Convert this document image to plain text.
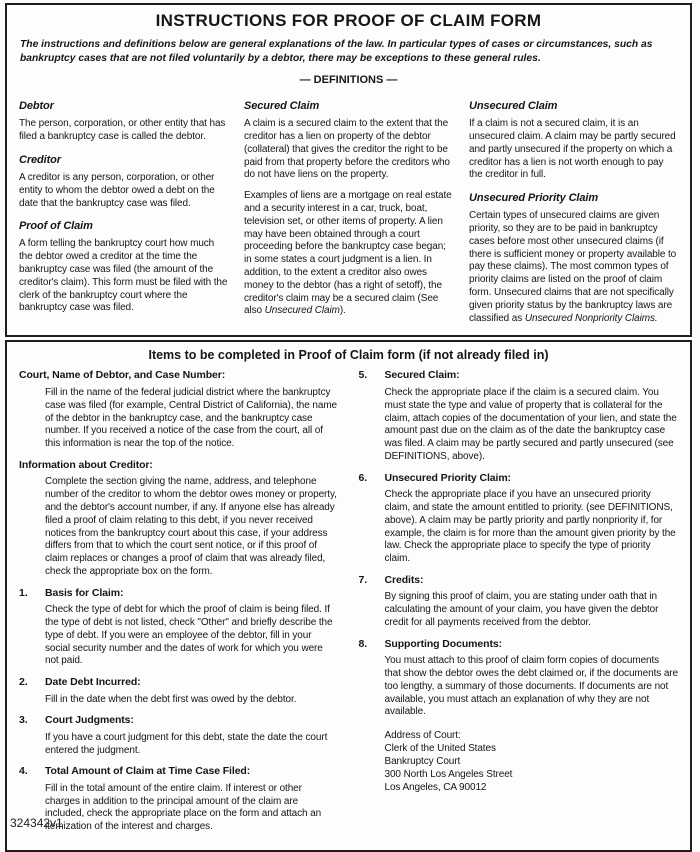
INSTRUCTIONS FOR PROOF OF CLAIM FORM

The instructions and definitions below are general explanations of the law. In particular types of cases or circumstances, such as bankruptcy cases that are not filed voluntarily by a debtor, there may be exceptions to these general rules.

— DEFINITIONS —
Debtor

The person, corporation, or other entity that has filed a bankruptcy case is called the debtor.

Creditor

A creditor is any person, corporation, or other entity to whom the debtor owed a debt on the date that the bankruptcy case was filed.

Proof of Claim

A form telling the bankruptcy court how much the debtor owed a creditor at the time the bankruptcy case was filed (the amount of the creditor's claim). This form must be filed with the clerk of the bankruptcy court where the bankruptcy case was filed.

Secured Claim

A claim is a secured claim to the extent that the creditor has a lien on property of the debtor (collateral) that gives the creditor the right to be paid from that property before the creditors who do not have liens on the property.

Examples of liens are a mortgage on real estate and a security interest in a car, truck, boat, television set, or other items of property. A lien may have been obtained through a court proceeding before the bankruptcy case began; in some states a court judgment is a lien. In addition, to the extent a creditor also owes money to the debtor (has a right of setoff), the creditor's claim may be a secured claim (See also Unsecured Claim).

Unsecured Claim

If a claim is not a secured claim, it is an unsecured claim. A claim may be partly secured and partly unsecured if the property on which a creditor has a lien is not worth enough to pay the creditor in full.

Unsecured Priority Claim

Certain types of unsecured claims are given priority, so they are to be paid in bankruptcy cases before most other unsecured claims (if there is sufficient money or property available to pay these claims). The most common types of priority claims are listed on the proof of claim form. Unsecured claims that are not specifically given priority status by the bankruptcy laws are classified as Unsecured Nonpriority Claims.

Items to be completed in Proof of Claim form (if not already filed in)
Court, Name of Debtor, and Case Number:
Fill in the name of the federal judicial district where the bankruptcy case was filed (for example, Central District of California), the name of the debtor in the bankruptcy case, and the bankruptcy case number. If you received a notice of the case from the court, all of this information is near the top of the notice.
Information about Creditor:
Complete the section giving the name, address, and telephone number of the creditor to whom the debtor owes money or property, and the debtor's account number, if any. If anyone else has already filed a proof of claim relating to this debt, if you never received notices from the bankruptcy court about this case, if your address differs from that to which the court sent notice, or if this proof of claim replaces or changes a proof of claim that was already filed, check the appropriate box on the form.
1.	Basis for Claim:
Check the type of debt for which the proof of claim is being filed. If the type of debt is not listed, check "Other" and briefly describe the type of debt. If you were an employee of the debtor, fill in your social security number and the dates of work for which you were not paid.
2.	Date Debt Incurred:
Fill in the date when the debt first was owed by the debtor.
3.	Court Judgments:
If you have a court judgment for this debt, state the date the court entered the judgment.
4.	Total Amount of Claim at Time Case Filed:
Fill in the total amount of the entire claim. If interest or other charges in addition to the principal amount of the claim are included, check the appropriate place on the form and attach an itemization of the interest and charges.
5.	Secured Claim:
Check the appropriate place if the claim is a secured claim. You must state the type and value of property that is collateral for the claim, attach copies of the documentation of your lien, and state the amount past due on the claim as of the date the bankruptcy case was filed. A claim may be partly secured and partly unsecured (see DEFINITIONS, above).
6.	Unsecured Priority Claim:
Check the appropriate place if you have an unsecured priority claim, and state the amount entitled to priority. (see DEFINITIONS, above). A claim may be partly priority and partly nonpriority if, for example, the claim is for more than the amount given priority by the law. Check the appropriate place to specify the type of priority claim.
7.	Credits:
By signing this proof of claim, you are stating under oath that in calculating the amount of your claim, you have given the debtor credit for all payments received from the debtor.
8.	Supporting Documents:
You must attach to this proof of claim form copies of documents that show the debtor owes the debt claimed or, if the documents are too lengthy, a summary of those documents. If documents are not available, you must attach an explanation of why they are not available.
Address of Court:
Clerk of the United States
Bankruptcy Court
300 North Los Angeles Street
Los Angeles, CA 90012
324342v1
